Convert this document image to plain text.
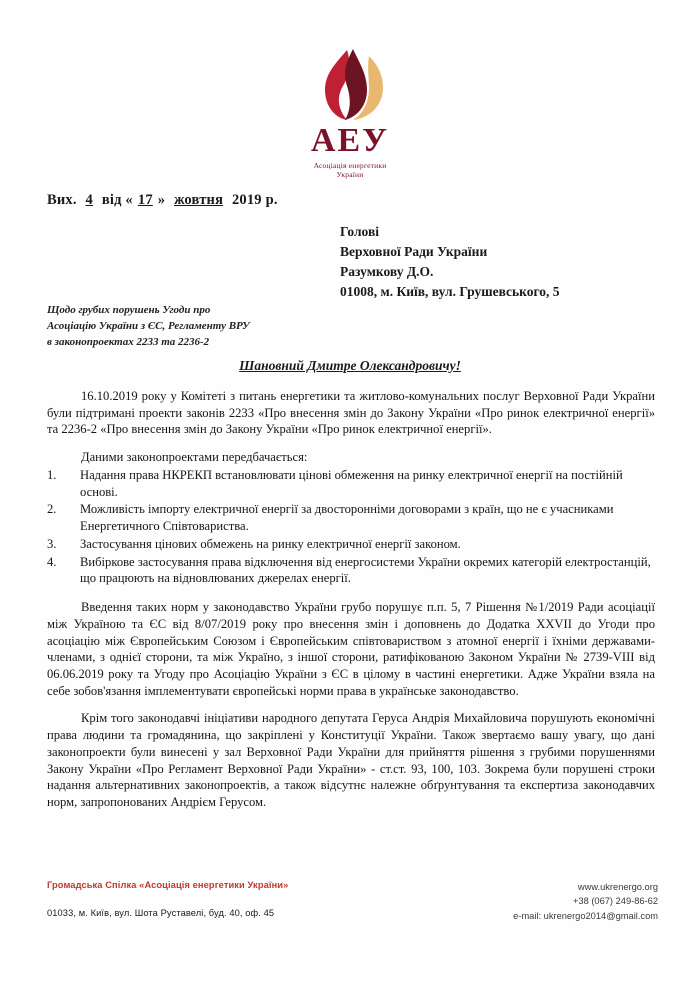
АЕУ
Асоціація енергетики
України
Вих. 4 від « 17 » жовтня 2019 р.
Голові
Верховної Ради України
Разумкову Д.О.
01008, м. Київ, вул. Грушевського, 5
Щодо грубих порушень Угоди про
Асоціацію України з ЄС, Регламенту ВРУ
в законопроектах 2233 та 2236-2
Шановний Дмитре Олександровичу!

16.10.2019 року у Комітеті з питань енергетики та житлово-комунальних послуг Верховної Ради України були підтримані проекти законів 2233 «Про внесення змін до Закону України «Про ринок електричної енергії» та 2236-2 «Про внесення змін до Закону України «Про ринок електричної енергії».

Даними законопроектами передбачається:

1.	Надання права НКРЕКП встановлювати цінові обмеження на ринку електричної енергії на постійній основі.
2.	Можливість імпорту електричної енергії за двосторонніми договорами з країн, що не є учасниками Енергетичного Співтовариства.
3.	Застосування цінових обмежень на ринку електричної енергії законом.
4.	Вибіркове застосування права відключення від енергосистеми України окремих категорій електростанцій, що працюють на відновлюваних джерелах енергії.

Введення таких норм у законодавство України грубо порушує п.п. 5, 7 Рішення №1/2019 Ради асоціації між Україною та ЄС від 8/07/2019 року про внесення змін і доповнень до Додатка XXVII до Угоди про асоціацію між Європейським Союзом і Європейським співтовариством з атомної енергії і їхніми державами-членами, з однієї сторони, та між Україно, з іншої сторони, ратифікованою Законом України № 2739-VIII від 06.06.2019 року та Угоду про Асоціацію України з ЄС в цілому в частині енергетики. Адже України взяла на себе зобов'язання імплементувати європейські норми права в українське законодавство.

Крім того законодавчі ініціативи народного депутата Геруса Андрія Михайловича порушують економічні права людини та громадянина, що закріплені у Конституції України. Також звертаємо вашу увагу, що дані законопроекти були винесені у зал Верховної Ради України для прийняття рішення з грубими порушеннями Закону України «Про Регламент Верховної Ради України» - ст.ст. 93, 100, 103. Зокрема були порушені строки надання альтернативних законопроектів, а також відсутнє належне обґрунтування та експертиза законодавчих норм, запропонованих Андрієм Герусом.

Громадська Спілка «Асоціація енергетики України»
01033, м. Київ, вул. Шота Руставелі, буд. 40, оф. 45
www.ukrenergo.org
+38 (067) 249-86-62
e-mail: ukrenergo2014@gmail.com
